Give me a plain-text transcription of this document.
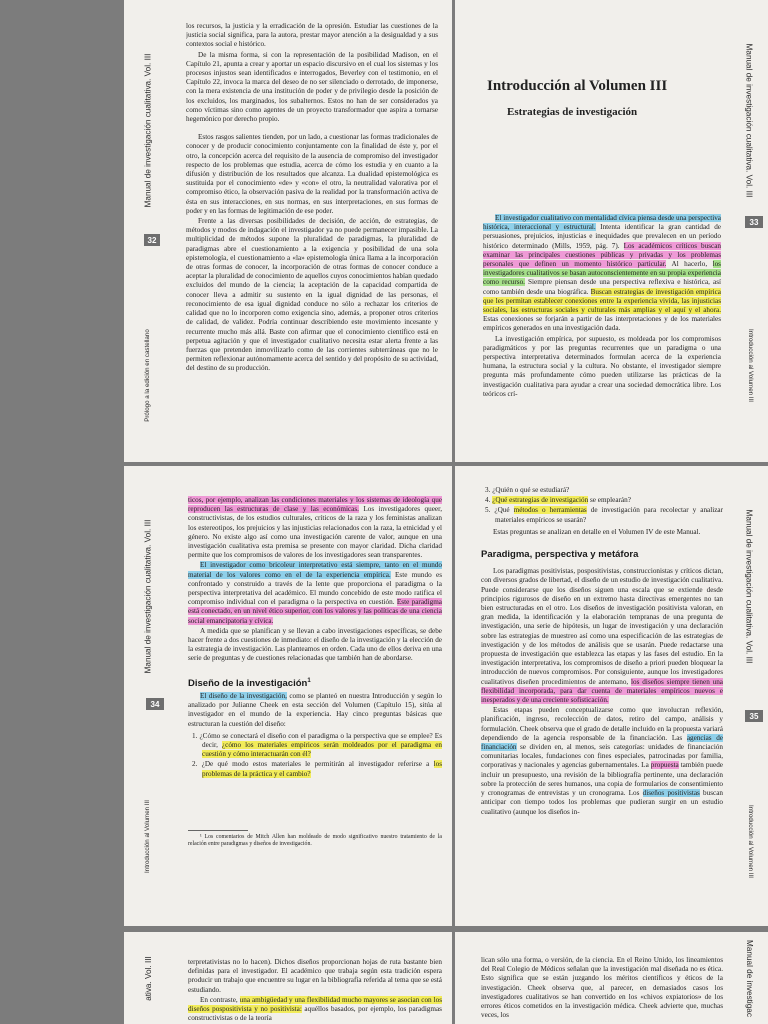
Manual de investigación cualitativa. Vol. III
32
Prólogo a la edición en castellano

los recursos, la justicia y la erradicación de la opresión. Estudiar las cuestiones de la justicia social significa, para la autora, prestar mayor atención a la desigualdad y a sus contextos social e histórico.

De la misma forma, si con la representación de la posibilidad Madison, en el Capítulo 21, apunta a crear y aportar un espacio discursivo en el cual los sistemas y los procesos injustos sean identificados e interrogados, Beverley con el testimonio, en el Capítulo 22, invoca la marca del deseo de no ser silenciado o derrotado, de imponerse, con la mera existencia de una institución de poder y de privilegio desde la posición de los excluidos, los marginados, los subalternos. Estos no han de ser considerados ya como víctimas sino como agentes de un proyecto transformador que aspira a tornarse hegemónico por derecho propio.

Estos rasgos salientes tienden, por un lado, a cuestionar las formas tradicionales de conocer y de producir conocimiento conjuntamente con la finalidad de éste y, por el otro, la concepción acerca del requisito de la ausencia de compromiso del investigador respecto de los problemas que estudia, acerca de cómo los estudia y en cuanto a la difusión y distribución de los resultados que alcanza. La dualidad epistemológica es sustituida por el conocimiento «de» y «con» el otro, la neutralidad valorativa por el compromiso ético, la observación pasiva de la realidad por la transformación activa de ésta en sus interacciones, en sus normas, en sus interpretaciones, en sus formas de poder y en las formas de legitimación de ese poder.

Frente a las diversas posibilidades de decisión, de acción, de estrategias, de métodos y modos de indagación el investigador ya no puede permanecer impasible. La multiplicidad de métodos supone la pluralidad de paradigmas, la pluralidad de paradigmas abre el cuestionamiento a la exigencia y posibilidad de una sola epistemología, el cuestionamiento a «la» epistemología única llama a la incorporación de otras formas de conocer, la incorporación de otras formas de conocer conduce a aceptar la pluralidad de conocimiento de aquellos cuyos conocimientos habían quedado excluidos del mundo de la ciencia; la aceptación de la capacidad compartida de conocer lleva a admitir su sustento en la igual dignidad de las personas, el reconocimiento de esa igual dignidad conduce no sólo a rechazar los criterios de calidad que no lo incorporen como exigencia sino, además, a proponer otros criterios de calidad, de validez. Podría continuar describiendo este movimiento incesante y recurrente mucho más allá. Baste con afirmar que el conocimiento científico está en perpetua agitación y que el investigador cualitativo necesita estar alerta frente a las fuerzas que pretenden inmovilizarlo como de las corrientes subterráneas que no le permiten reflexionar autónomamente acerca del sentido y del propósito de su actividad, del destino de su producción.

Introducción al Volumen III
Estrategias de investigación

El investigador cualitativo con mentalidad cívica piensa desde una perspectiva histórica, interaccional y estructural. Intenta identificar la gran cantidad de persuasiones, prejuicios, injusticias e inequidades que prevalecen en un período histórico determinado (Mills, 1959, pág. 7). Los académicos críticos buscan examinar las principales cuestiones públicas y privadas y los problemas personales que definen un momento histórico particular. Al hacerlo, los investigadores cualitativos se basan autoconscientemente en su propia experiencia como recurso. Siempre piensan desde una perspectiva reflexiva e histórica, así como también desde una biográfica. Buscan estrategias de investigación empírica que les permitan establecer conexiones entre la experiencia vivida, las injusticias sociales, las estructuras sociales y culturales más amplias y el aquí y el ahora. Estas conexiones se forjarán a partir de las interpretaciones y de los materiales empíricos generados en una investigación dada.

La investigación empírica, por supuesto, es moldeada por los compromisos paradigmáticos y por las preguntas recurrentes que un paradigma o una perspectiva interpretativa determinados formulan acerca de la experiencia humana, la estructura social y la cultura. No obstante, el investigador siempre pregunta más profundamente cómo pueden utilizarse las prácticas de la investigación cualitativa para ayudar a crear una sociedad democrática libre. Los teóricos crí-

Manual de investigación cualitativa. Vol. III
33
Introducción al Volumen III
Manual de investigación cualitativa. Vol. III
34
Introducción al Volumen III

ticos, por ejemplo, analizan las condiciones materiales y los sistemas de ideología que reproducen las estructuras de clase y las económicas. Los investigadores queer, constructivistas, de los estudios culturales, críticos de la raza y los feministas analizan los estereotipos, los prejuicios y las injusticias relacionados con la raza, la etnicidad y el género. No existe algo así como una investigación carente de valor, aunque en una investigación cualitativa esta premisa se presente con mayor claridad. Dicha claridad permite que los compromisos de valores de los investigadores sean transparentes.

El investigador como bricoleur interpretativo está siempre, tanto en el mundo material de los valores como en el de la experiencia empírica. Este mundo es confrontado y construido a través de la lente que proporciona el paradigma o la perspectiva interpretativa del académico. El mundo concebido de este modo ratifica el compromiso individual con el paradigma o la perspectiva en cuestión. Este paradigma está conectado, en un nivel ético superior, con los valores y las políticas de una ciencia social emancipatoria y cívica.

A medida que se planifican y se llevan a cabo investigaciones específicas, se debe hacer frente a dos cuestiones de inmediato: el diseño de la investigación y la elección de la estrategia de investigación. Las planteamos en orden. Cada uno de ellos deriva en una serie de preguntas y de cuestiones relacionadas que también han de abordarse.

Diseño de la investigación$^1$

El diseño de la investigación, como se planteó en nuestra Introducción y según lo analizado por Julianne Cheek en esta sección del Volumen (Capítulo 15), sitúa al investigador en el mundo de la experiencia. Hay cinco preguntas básicas que estructuran la cuestión del diseño:

1. ¿Cómo se conectará el diseño con el paradigma o la perspectiva que se emplee? Es decir, ¿cómo los materiales empíricos serán moldeados por el paradigma en cuestión y cómo interactuarán con él?
2. ¿De qué modo estos materiales le permitirán al investigador referirse a los problemas de la práctica y el cambio?

¹ Los comentarios de Mitch Allen han moldeado de modo significativo nuestro tratamiento de la relación entre paradigmas y diseños de investigación.

3. ¿Quién o qué se estudiará?
4. ¿Qué estrategias de investigación se emplearán?
5. ¿Qué métodos o herramientas de investigación para recolectar y analizar materiales empíricos se usarán?

Estas preguntas se analizan en detalle en el Volumen IV de este Manual.

Paradigma, perspectiva y metáfora

Los paradigmas positivistas, pospositivistas, construccionistas y críticos dictan, con diversos grados de libertad, el diseño de un estudio de investigación cualitativa. Puede considerarse que los diseños siguen una escala que se extiende desde principios rigurosos de diseño en un extremo hasta directivas emergentes no tan bien estructuradas en el otro. Los diseños de investigación positivista valoran, en gran medida, la identificación y la elaboración tempranas de una pregunta de investigación, una serie de hipótesis, un lugar de investigación y una declaración sobre las estrategias de muestreo así como una especificación de las estrategias de investigación y de los métodos de análisis que se usarán. Puede redactarse una propuesta de investigación que establezca las etapas y las fases del estudio. En la investigación interpretativa, los compromisos de diseño a priori pueden bloquear la introducción de nuevos compromisos. Por consiguiente, aunque los investigadores cualitativos diseñen procedimientos de antemano, los diseños siempre tienen una flexibilidad incorporada, para dar cuenta de materiales empíricos nuevos e inesperados y de una creciente sofisticación.

Estas etapas pueden conceptualizarse como que involucran reflexión, planificación, ingreso, recolección de datos, retiro del campo, análisis y formulación. Cheek observa que el grado de detalle incluido en la propuesta variará dependiendo de la agencia responsable de la financiación. Las agencias de financiación se dividen en, al menos, seis categorías: unidades de financiación comunitarias locales, fundaciones con fines especiales, patrocinadas por familia, corporativas y nacionales y agencias gubernamentales. La propuesta también puede incluir un presupuesto, una revisión de la bibliografía pertinente, una declaración sobre la protección de seres humanos, una copia de formularios de consentimiento y cronogramas de entrevistas y un cronograma. Los diseños positivistas buscan anticipar con tiempo todos los problemas que pudieran surgir en un estudio cualitativo (aunque los diseños in-

Manual de investigación cualitativa. Vol. III
35
Introducción al Volumen III
ativa. Vol. III	terpretativistas no lo hacen). Dichos diseños proporcionan hojas de ruta bastante bien definidas para el investigador. El académico que trabaja según esta tradición espera producir un trabajo que encuentre su lugar en la bibliografía referida al tema que se está estudiando.

En contraste, una ambigüedad y una flexibilidad mucho mayores se asocian con los diseños pospositivista y no positivista: aquéllos basados, por ejemplo, los paradigmas constructivistas o de la teoría

lican sólo una forma, o versión, de la ciencia. En el Reino Unido, los lineamientos del Real Colegio de Médicos señalan que la investigación mal diseñada no es ética. Esto significa que se están juzgando los méritos científicos y éticos de la investigación. Cheek observa que, al parecer, en demasiados casos los investigadores cualitativos se han convertido en los «chivos expiatorios» de los errores éticos cometidos en la investigación médica. Cheek advierte que, muchas veces, los	Manual de investigac
